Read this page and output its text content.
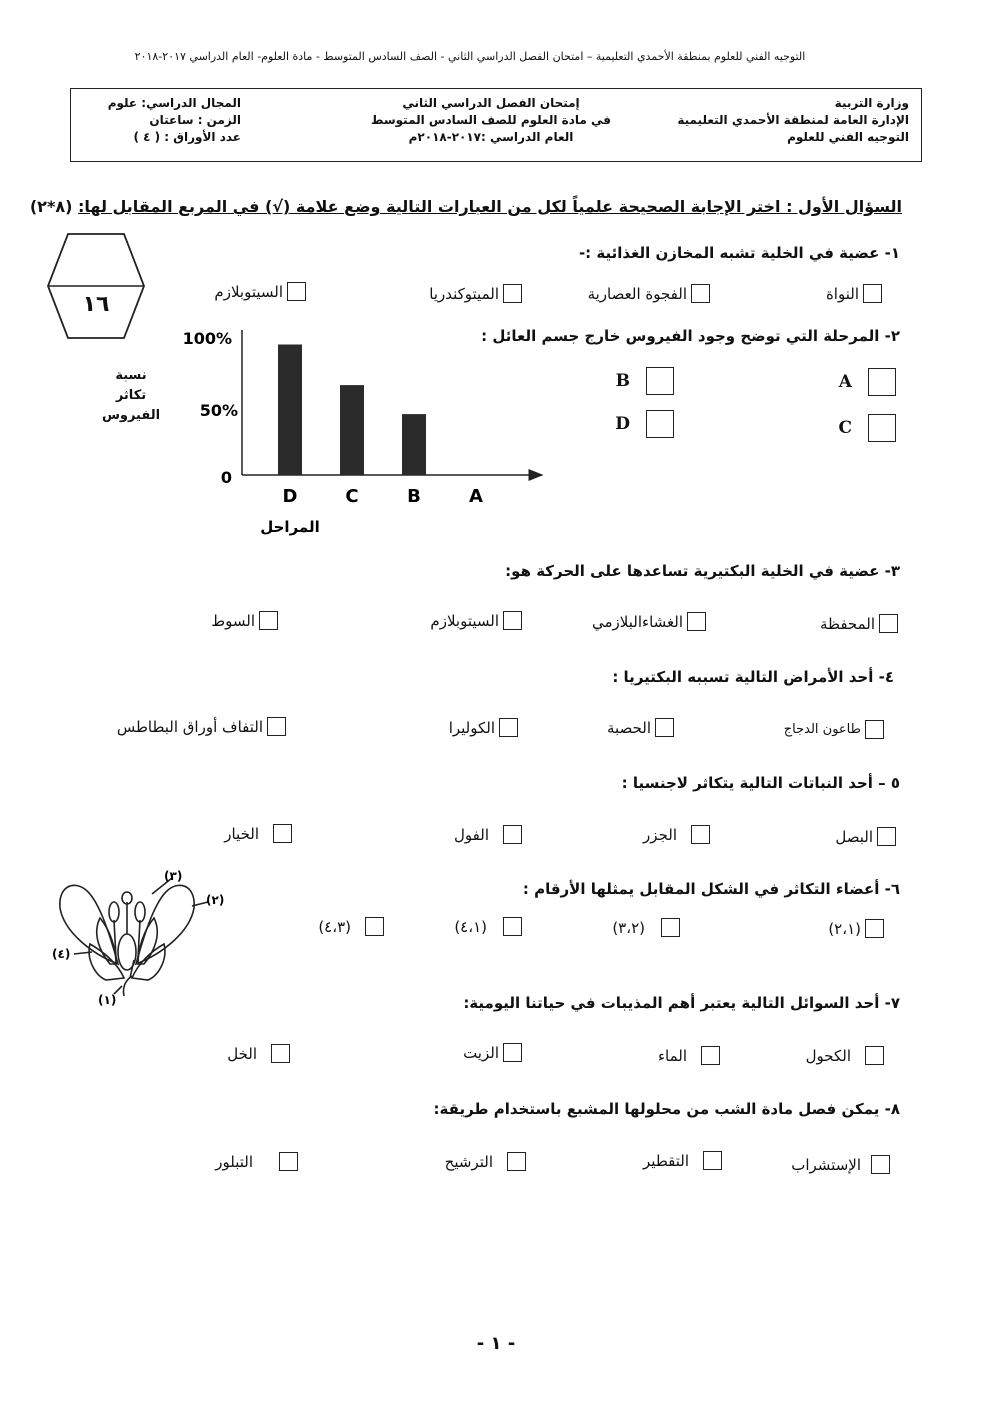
التوجيه الفني للعلوم بمنطقة الأحمدي التعليمية – امتحان الفصل الدراسي الثاني - الصف السادس المتوسط - مادة العلوم- العام الدراسي ٢٠١٧-٢٠١٨
وزارة التربية
الإدارة العامة لمنطقة الأحمدي التعليمية
التوجيه الفني للعلوم
إمتحان الفصل الدراسي الثاني
في مادة العلوم للصف السادس المتوسط
العام الدراسي :٢٠١٧-٢٠١٨م
المجال الدراسي: علوم
الزمن : ساعتان
عدد الأوراق : ( ٤ )
السؤال الأول : اختر الإجابة الصحيحة علمياً لكل من العبارات التالية وضع علامة (√) في المربع المقابل لها: (٨*٢)
١٦
١- عضية في الخلية تشبه المخازن الغذائية :-
النواة
الفجوة العصارية
الميتوكندريا
السيتوبلازم
٢- المرحلة التي توضح وجود الفيروس خارج جسم العائل :
A
B
C
D
نسبة
تكاثر
الفيروس
100%
50%
0
D	C	B	A
المراحل
٣- عضية في الخلية البكتيرية تساعدها على الحركة هو:
المحفظة
الغشاءالبلازمي
السيتوبلازم
السوط
٤- أحد الأمراض التالية تسببه البكتيريا :
طاعون الدجاج
الحصبة
الكوليرا
التفاف أوراق البطاطس
٥ – أحد النباتات التالية يتكاثر لاجنسيا :
البصل
الجزر
الفول
الخيار
٦- أعضاء التكاثر في الشكل المقابل يمثلها الأرقام :
(٢،١)
(٣،٢)
(٤،١)
(٤،٣)
(٣)
(٢)
(٤)
(١)	٧- أحد السوائل التالية يعتبر أهم المذيبات في حياتنا اليومية:
الكحول
الماء
الزيت
الخل
٨- يمكن فصل مادة الشب من محلولها المشبع باستخدام طريقة:
الإستشراب
التقطير
الترشيح
التبلور
- ١ -
